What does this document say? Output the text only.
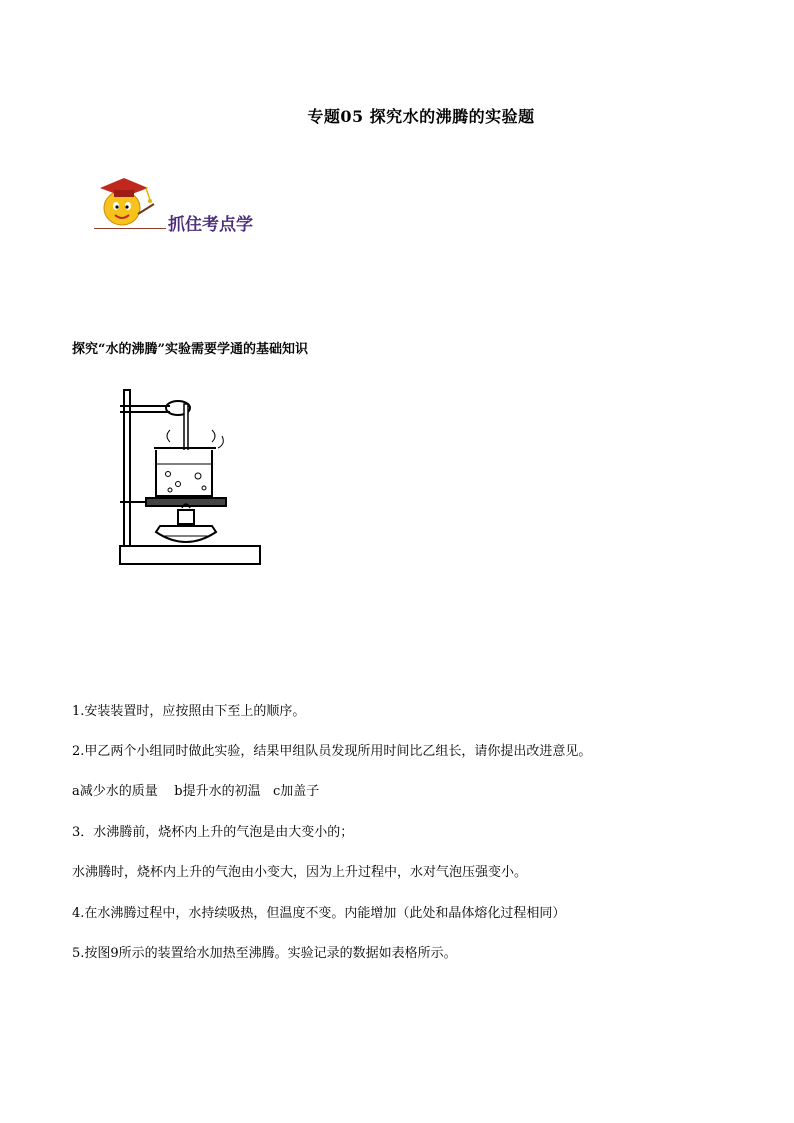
专题05 探究水的沸腾的实验题
抓住考点学
探究“水的沸腾”实验需要学通的基础知识
1.安装装置时，应按照由下至上的顺序。
2.甲乙两个小组同时做此实验，结果甲组队员发现所用时间比乙组长，请你提出改进意见。
a减少水的质量    b提升水的初温   c加盖子
3．水沸腾前，烧杯内上升的气泡是由大变小的；
水沸腾时，烧杯内上升的气泡由小变大，因为上升过程中，水对气泡压强变小。
4.在水沸腾过程中，水持续吸热，但温度不变。内能增加（此处和晶体熔化过程相同）
5.按图9所示的装置给水加热至沸腾。实验记录的数据如表格所示。
